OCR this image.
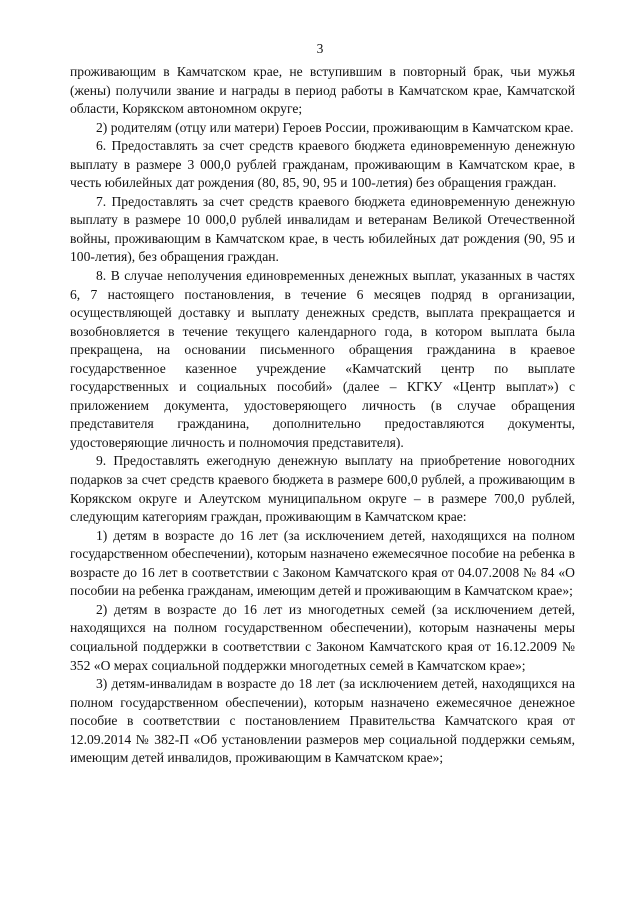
3

проживающим в Камчатском крае, не вступившим в повторный брак, чьи мужья (жены) получили звание и награды в период работы в Камчатском крае, Камчатской области, Корякском автономном округе;

2) родителям (отцу или матери) Героев России, проживающим в Камчатском крае.

6. Предоставлять за счет средств краевого бюджета единовременную денежную выплату в размере 3 000,0 рублей гражданам, проживающим в Камчатском крае, в честь юбилейных дат рождения (80, 85, 90, 95 и 100-летия) без обращения граждан.

7. Предоставлять за счет средств краевого бюджета единовременную денежную выплату в размере 10 000,0 рублей инвалидам и ветеранам Великой Отечественной войны, проживающим в Камчатском крае, в честь юбилейных дат рождения (90, 95 и 100-летия), без обращения граждан.

8. В случае неполучения единовременных денежных выплат, указанных в частях 6, 7 настоящего постановления, в течение 6 месяцев подряд в организации, осуществляющей доставку и выплату денежных средств, выплата прекращается и возобновляется в течение текущего календарного года, в котором выплата была прекращена, на основании письменного обращения гражданина в краевое государственное казенное учреждение «Камчатский центр по выплате государственных и социальных пособий» (далее – КГКУ «Центр выплат») с приложением документа, удостоверяющего личность (в случае обращения представителя гражданина, дополнительно предоставляются документы, удостоверяющие личность и полномочия представителя).

9. Предоставлять ежегодную денежную выплату на приобретение новогодних подарков за счет средств краевого бюджета в размере 600,0 рублей, а проживающим в Корякском округе и Алеутском муниципальном округе – в размере 700,0 рублей, следующим категориям граждан, проживающим в Камчатском крае:

1) детям в возрасте до 16 лет (за исключением детей, находящихся на полном государственном обеспечении), которым назначено ежемесячное пособие на ребенка в возрасте до 16 лет в соответствии с Законом Камчатского края от 04.07.2008 № 84 «О пособии на ребенка гражданам, имеющим детей и проживающим в Камчатском крае»;

2) детям в возрасте до 16 лет из многодетных семей (за исключением детей, находящихся на полном государственном обеспечении), которым назначены меры социальной поддержки в соответствии с Законом Камчатского края от 16.12.2009 № 352 «О мерах социальной поддержки многодетных семей в Камчатском крае»;

3) детям-инвалидам в возрасте до 18 лет (за исключением детей, находящихся на полном государственном обеспечении), которым назначено ежемесячное денежное пособие в соответствии с постановлением Правительства Камчатского края от 12.09.2014 № 382-П «Об установлении размеров мер социальной поддержки семьям, имеющим детей инвалидов, проживающим в Камчатском крае»;
